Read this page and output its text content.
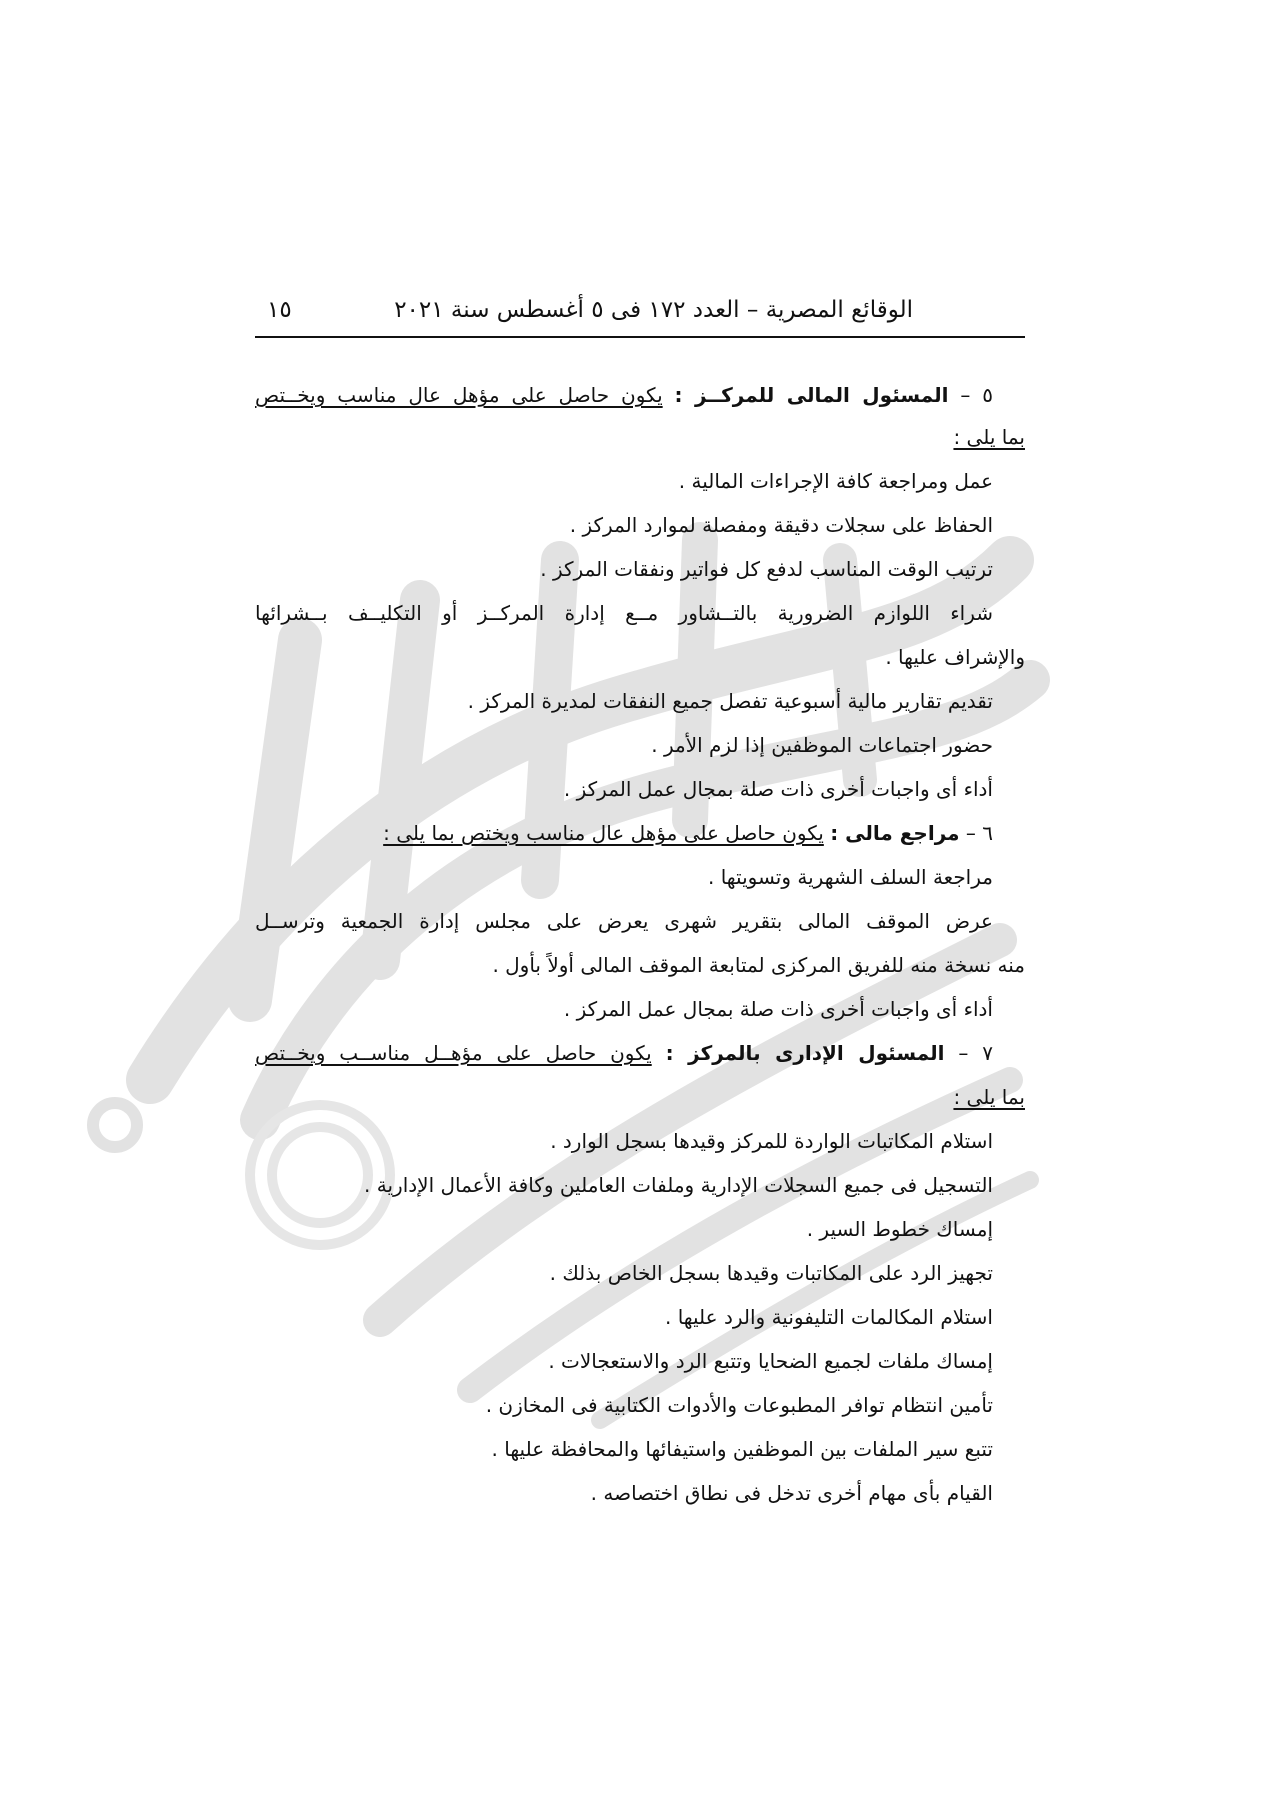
الوقائع المصرية – العدد ١٧٢ فى ٥ أغسطس سنة ٢٠٢١
١٥
٥ – المسئول المالى للمركــز : يكون حاصل على مؤهل عال مناسب ويخــتص
بما يلى :
عمل ومراجعة كافة الإجراءات المالية .
الحفاظ على سجلات دقيقة ومفصلة لموارد المركز .
ترتيب الوقت المناسب لدفع كل فواتير ونفقات المركز .
شراء اللوازم الضرورية بالتــشاور مــع إدارة المركــز أو التكليــف بــشرائها
والإشراف عليها .
تقديم تقارير مالية أسبوعية تفصل جميع النفقات لمديرة المركز .
حضور اجتماعات الموظفين إذا لزم الأمر .
أداء أى واجبات أخرى ذات صلة بمجال عمل المركز .
٦ – مراجع مالى : يكون حاصل على مؤهل عال مناسب ويختص بما يلى :
مراجعة السلف الشهرية وتسويتها .
عرض الموقف المالى بتقرير شهرى يعرض على مجلس إدارة الجمعية وترســل
منه نسخة منه للفريق المركزى لمتابعة الموقف المالى أولاً بأول .
أداء أى واجبات أخرى ذات صلة بمجال عمل المركز .
٧ – المسئول الإدارى بالمركز : يكون حاصل على مؤهــل مناســب ويخــتص
بما يلى :
استلام المكاتبات الواردة للمركز وقيدها بسجل الوارد .
التسجيل فى جميع السجلات الإدارية وملفات العاملين وكافة الأعمال الإدارية .
إمساك خطوط السير .
تجهيز الرد على المكاتبات وقيدها بسجل الخاص بذلك .
استلام المكالمات التليفونية والرد عليها .
إمساك ملفات لجميع الضحايا وتتبع الرد والاستعجالات .
تأمين انتظام توافر المطبوعات والأدوات الكتابية فى المخازن .
تتبع سير الملفات بين الموظفين واستيفائها والمحافظة عليها .
القيام بأى مهام أخرى تدخل فى نطاق اختصاصه .
